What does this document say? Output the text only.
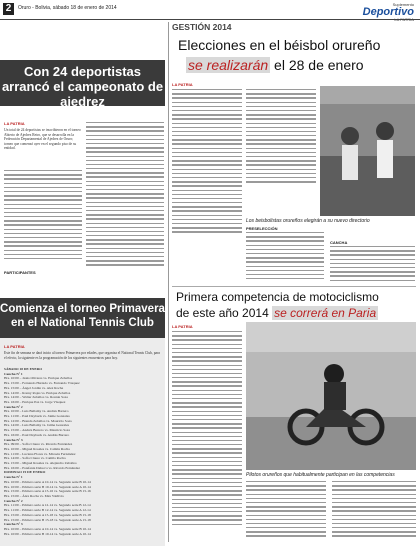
2	Oruro - Bolivia, sábado 18 de enero de 2014
Suplemento
Deportivo
Con 24 deportistas arrancó el campeonato de ajedrez
LA PATRIA
Un total de 24 deportistas se inscribieron en el torneo Abierto de Ajedrez Retro, que se desarrolla en la Federación Departamental de Ajedrez de Oruro; torneo que comenzó ayer en el segundo piso de su entidad.
PARTICIPANTES
Comienza el torneo Primavera en el National Tennis Club
LA PATRIA
Este fin de semana se dará inicio al torneo Primavera por edades, que organiza el National Tennis Club, para el efecto, la siguiente es la programación de los siguientes encuentros para hoy.
SÁBADO 18 DE ENERO
Cancha Nº 1
Hrs. 10:00 – Jesús Olivares vs. Enrique Zeballos
Hrs. 15:00 – Fernando Hurtado vs. Fernando Vásquez
Hrs. 15:00 – Ángel Jordán vs. Alex Rocha
Hrs. 14:00 – Ronny Rojas vs. Enrique Zeballos
Hrs. 14:00 – Walter Zeballos vs. Ronnie Soza
Hrs. 16:00 – Enrique Paz vs. Jorge Vásquez
Cancha Nº 2
Hrs. 10:00 – Luis Bellamy vs. Andrés Barrero
Hrs. 11:00 – Paul Daybuck vs. Jaime Gonzales
Hrs. 12:00 – Brenda Zeballos vs. Mauricio Soza
Hrs. 14:00 – Luis Bellamy vs. Jaime Gonzales
Hrs. 15:00 – Andrés Barrero vs. Mauricio Soza
Hrs. 16:00 – Paul Daybuck vs. Andrés Barrero
Cancha Nº 3
Hrs. 09:00 – Sofía Claure vs. Ricardo Fernández
Hrs. 10:00 – Miguel Rosales vs. Camila Rocha
Hrs. 11:00 – Luciana Flores vs. Micaela Fernández
Hrs. 14:00 – Sofía Claure vs. Camila Rocha
Hrs. 15:00 – Miguel Rosales vs. Alejandro Zeballos
Hrs. 16:00 – Estefanía Delucca vs. Ricardo Fernández
DOMINGO 19 DE ENERO
Cancha Nº 1
Hrs. 10:00 – Primero serie A 10-14 vs. Segundo serie B 10-14
Hrs. 10:00 – Primero serie B 10-14 vs. Segundo serie A 10-14
Hrs. 15:00 – Primero serie A 15-16 vs. Segundo serie B 15-16
Hrs. 15:00 – Álex Rocha vs. Max Valdivia
Cancha Nº 2
Hrs. 11:00 – Primero serie A 12-14 vs. Segundo serie B 12-14
Hrs. 11:00 – Primero serie B 12-14 vs. Segundo serie A 12-14
Hrs. 15:00 – Primero serie A 15-18 vs. Segundo serie B 15-18
Hrs. 15:00 – Primero serie B 15-18 vs. Segundo serie A 15-18
Cancha Nº 3
Hrs. 10:00 – Primero serie A 10-14 vs. Segundo serie B 10-14
Hrs. 10:00 – Primero serie B 10-14 vs. Segundo serie A 10-14
GESTIÓN 2014
Elecciones en el béisbol orureño
se realizarán el 28 de enero
LA PATRIA
Los beisbolistas orureños elegirán a su nuevo directorio
PRESELECCIÓN
CANCHA
Primera competencia de motociclismo
de este año 2014 se correrá en Paria
LA PATRIA
Pilotos orureños que habitualmente participan en las competencias
